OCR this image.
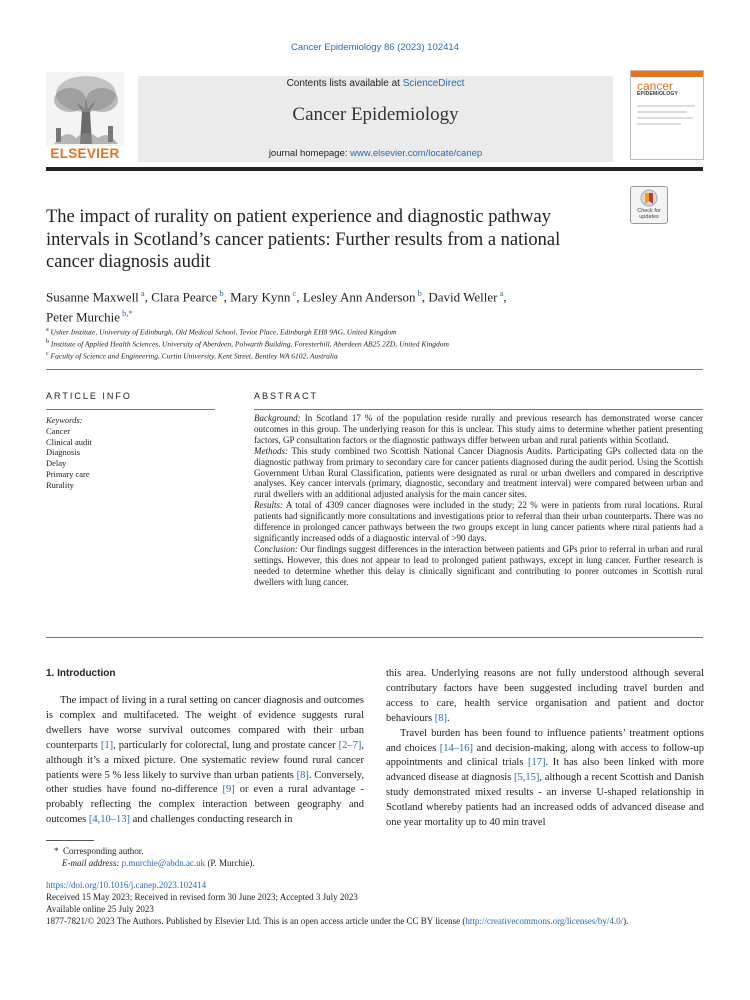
Cancer Epidemiology 86 (2023) 102414
ELSEVIER
Contents lists available at ScienceDirect
Cancer Epidemiology
journal homepage: www.elsevier.com/locate/canep
cancer
EPIDEMIOLOGY
Check for updates
The impact of rurality on patient experience and diagnostic pathway intervals in Scotland’s cancer patients: Further results from a national cancer diagnosis audit
Susanne Maxwell $^a$, Clara Pearce $^b$, Mary Kynn $^c$, Lesley Ann Anderson $^b$, David Weller $^a$,
Peter Murchie $^{b,*}$
$^a$ Usher Institute, University of Edinburgh, Old Medical School, Teviot Place, Edinburgh EH8 9AG, United Kingdom
$^b$ Institute of Applied Health Sciences, University of Aberdeen, Polwarth Building, Foresterhill, Aberdeen AB25 2ZD, United Kingdom
$^c$ Faculty of Science and Engineering, Curtin University, Kent Street, Bentley WA 6102, Australia
ARTICLE INFO
Keywords:
Cancer
Clinical audit
Diagnosis
Delay
Primary care
Rurality
ABSTRACT

Background: In Scotland 17 % of the population reside rurally and previous research has demonstrated worse cancer outcomes in this group. The underlying reason for this is unclear. This study aims to determine whether patient presenting factors, GP consultation factors or the diagnostic pathways differ between urban and rural patients within Scotland.

Methods: This study combined two Scottish National Cancer Diagnosis Audits. Participating GPs collected data on the diagnostic pathway from primary to secondary care for cancer patients diagnosed during the audit period. Using the Scottish Government Urban Rural Classification, patients were designated as rural or urban dwellers and compared in descriptive analyses. Key cancer intervals (primary, diagnostic, secondary and treatment interval) were compared between urban and rural dwellers with an additional adjusted analysis for the main cancer sites.

Results: A total of 4309 cancer diagnoses were included in the study; 22 % were in patients from rural locations. Rural patients had significantly more consultations and investigations prior to referral than their urban counterparts. There was no difference in prolonged cancer pathways between the two groups except in lung cancer patients where rural patients had a significantly increased odds of a diagnostic interval of >90 days.

Conclusion: Our findings suggest differences in the interaction between patients and GPs prior to referral in urban and rural settings. However, this does not appear to lead to prolonged patient pathways, except in lung cancer. Further research is needed to determine whether this delay is clinically significant and contributing to poorer outcomes in Scottish rural dwellers with lung cancer.

1. Introduction

The impact of living in a rural setting on cancer diagnosis and outcomes is complex and multifaceted. The weight of evidence suggests rural dwellers have worse survival outcomes compared with their urban counterparts [1], particularly for colorectal, lung and prostate cancer [2–7], although it’s a mixed picture. One systematic review found rural cancer patients were 5 % less likely to survive than urban patients [8]. Conversely, other studies have found no-difference [9] or even a rural advantage - probably reflecting the complex interaction between geography and outcomes [4,10–13] and challenges conducting research in

this area. Underlying reasons are not fully understood although several contributary factors have been suggested including travel burden and access to care, health service organisation and patient and doctor behaviours [8].

Travel burden has been found to influence patients’ treatment options and choices [14–16] and decision-making, along with access to follow-up appointments and clinical trials [17]. It has also been linked with more advanced disease at diagnosis [5,15], although a recent Scottish and Danish study demonstrated mixed results - an inverse U-shaped relationship in Scotland whereby patients had an increased odds of advanced disease and one year mortality up to 40 min travel

* Corresponding author.
E-mail address: p.murchie@abdn.ac.uk (P. Murchie).
https://doi.org/10.1016/j.canep.2023.102414
Received 15 May 2023; Received in revised form 30 June 2023; Accepted 3 July 2023
Available online 25 July 2023
1877-7821/© 2023 The Authors. Published by Elsevier Ltd. This is an open access article under the CC BY license (http://creativecommons.org/licenses/by/4.0/).
